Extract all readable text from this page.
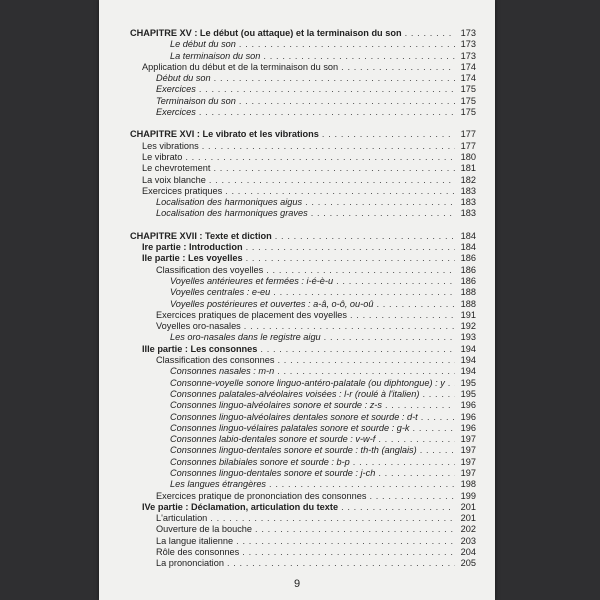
9
CHAPITRE XV : Le début (ou attaque) et la terminaison du son . . .	173
Le début du son . . .	173
La terminaison du son . . .	173
Application du début et de la terminaison du son . . .	174
Début du son . . .	174
Exercices . . .	175
Terminaison du son . . .	175
Exercices . . .	175
CHAPITRE XVI : Le vibrato et les vibrations . . .	177
Les vibrations . . .	177
Le vibrato . . .	180
Le chevrotement . . .	181
La voix blanche . . .	182
Exercices pratiques . . .	183
Localisation des harmoniques aigus . . .	183
Localisation des harmoniques graves . . .	183
CHAPITRE XVII : Texte et diction . . .	184
Ire partie : Introduction . . .	184
IIe partie : Les voyelles . . .	186
Classification des voyelles . . .	186
Voyelles antérieures et fermées : i-é-è-u . . .	186
Voyelles centrales : e-eu . . .	188
Voyelles postérieures et ouvertes : a-â, o-ô, ou-oû . . .	188
Exercices pratiques de placement des voyelles . . .	191
Voyelles oro-nasales . . .	192
Les oro-nasales dans le registre aigu . . .	193
IIIe partie : Les consonnes . . .	194
Classification des consonnes . . .	194
Consonnes nasales : m-n . . .	194
Consonne-voyelle sonore linguo-antéro-palatale (ou diphtongue) : y . . . 195
Consonnes palatales-alvéolaires voisées : l-r (roulé à l'italien) . . .	195
Consonnes linguo-alvéolaires sonore et sourde : z-s . . .	196
Consonnes linguo-alvéolaires dentales sonore et sourde : d-t . . .	196
Consonnes linguo-vélaires palatales sonore et sourde : g-k . . .	196
Consonnes labio-dentales sonore et sourde : v-w-f . . .	197
Consonnes linguo-dentales sonore et sourde : th-th (anglais) . . .	197
Consonnes bilabiales sonore et sourde : b-p . . .	197
Consonnes linguo-dentales sonore et sourde : j-ch . . .	197
Les langues étrangères . . .	198
Exercices pratique de prononciation des consonnes . . .	199
IVe partie : Déclamation, articulation du texte . . .	201
L'articulation . . .	201
Ouverture de la bouche . . .	202
La langue italienne . . .	203
Rôle des consonnes . . .	204
La prononciation . . .	205
